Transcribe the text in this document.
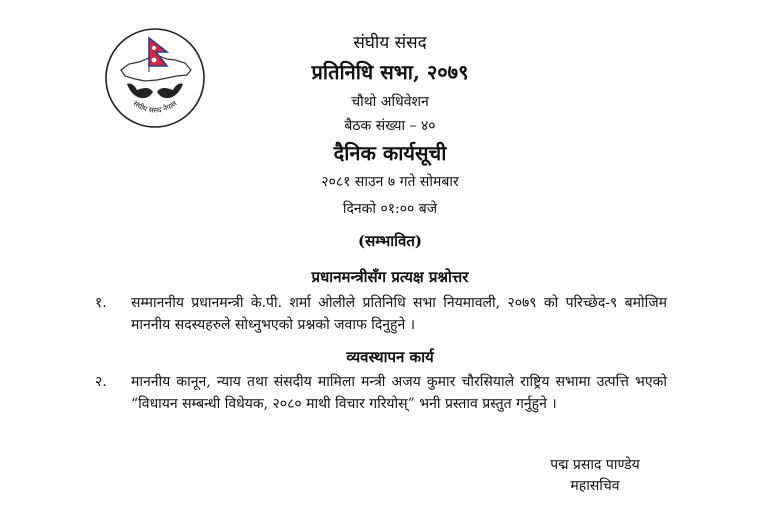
संघीय संसद नेपाल
संघीय संसद
प्रतिनिधि सभा, २०७९
चौथो अधिवेशन
बैठक संख्या – ४०
दैनिक कार्यसूची
२०८१ साउन ७ गते सोमबार
दिनको ०१:०० बजे
(सम्भावित)
प्रधानमन्त्रीसँग प्रत्यक्ष प्रश्नोत्तर
१.	सम्माननीय प्रधानमन्त्री के.पी. शर्मा ओलीले प्रतिनिधि सभा नियमावली, २०७९ को परिच्छेद-९ बमोजिम माननीय सदस्यहरुले सोध्नुभएको प्रश्नको जवाफ दिनुहुने ।
व्यवस्थापन कार्य
२.	माननीय कानून, न्याय तथा संसदीय मामिला मन्त्री अजय कुमार चौरसियाले राष्ट्रिय सभामा उत्पत्ति भएको “विधायन सम्बन्धी विधेयक, २०८० माथी विचार गरियोस्” भनी प्रस्ताव प्रस्तुत गर्नुहुने ।
पद्म प्रसाद पाण्डेय
महासचिव
